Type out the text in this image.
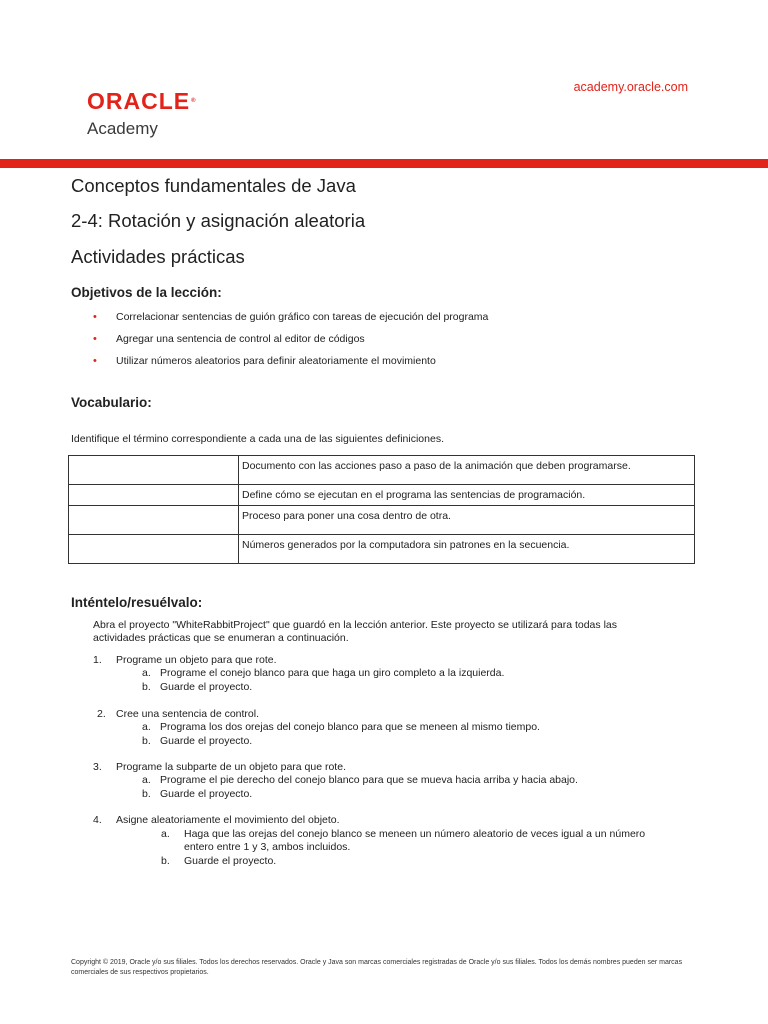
ORACLE®
Academy
academy.oracle.com
Conceptos fundamentales de Java
2-4: Rotación y asignación aleatoria
Actividades prácticas
Objetivos de la lección:
• Correlacionar sentencias de guión gráfico con tareas de ejecución del programa
• Agregar una sentencia de control al editor de códigos
• Utilizar números aleatorios para definir aleatoriamente el movimiento
Vocabulario:
Identifique el término correspondiente a cada una de las siguientes definiciones.
	Documento con las acciones paso a paso de la animación que deben programarse.
	Define cómo se ejecutan en el programa las sentencias de programación.
	Proceso para poner una cosa dentro de otra.
	Números generados por la computadora sin patrones en la secuencia.
Inténtelo/resuélvalo:
Abra el proyecto "WhiteRabbitProject" que guardó en la lección anterior. Este proyecto se utilizará para todas las
actividades prácticas que se enumeran a continuación.
1. Programe un objeto para que rote.
a. Programe el conejo blanco para que haga un giro completo a la izquierda.
b. Guarde el proyecto.
2. Cree una sentencia de control.
a. Programa los dos orejas del conejo blanco para que se meneen al mismo tiempo.
b. Guarde el proyecto.
3. Programe la subparte de un objeto para que rote.
a. Programe el pie derecho del conejo blanco para que se mueva hacia arriba y hacia abajo.
b. Guarde el proyecto.
4. Asigne aleatoriamente el movimiento del objeto.
a. Haga que las orejas del conejo blanco se meneen un número aleatorio de veces igual a un número
entero entre 1 y 3, ambos incluidos.
b. Guarde el proyecto.
Copyright © 2019, Oracle y/o sus filiales. Todos los derechos reservados. Oracle y Java son marcas comerciales registradas de Oracle y/o sus filiales. Todos los demás nombres pueden ser marcas comerciales de sus respectivos propietarios.
